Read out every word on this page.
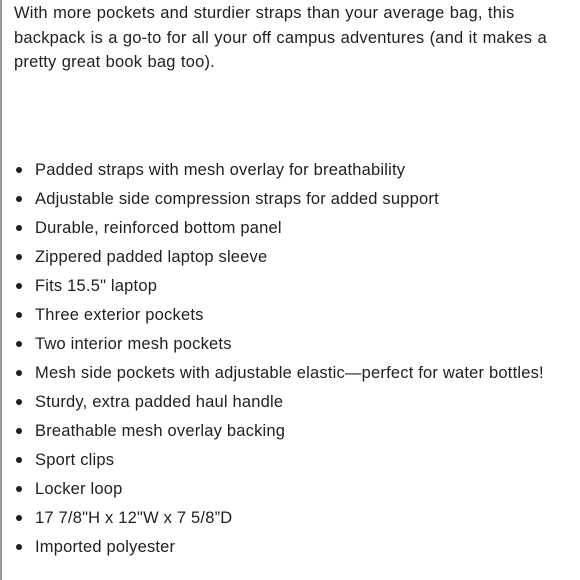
With more pockets and sturdier straps than your average bag, this backpack is a go-to for all your off campus adventures (and it makes a pretty great book bag too).

Padded straps with mesh overlay for breathability
Adjustable side compression straps for added support
Durable, reinforced bottom panel
Zippered padded laptop sleeve
Fits 15.5" laptop
Three exterior pockets
Two interior mesh pockets
Mesh side pockets with adjustable elastic—perfect for water bottles!
Sturdy, extra padded haul handle
Breathable mesh overlay backing
Sport clips
Locker loop
17 7/8"H x 12"W x 7 5/8”D
Imported polyester
